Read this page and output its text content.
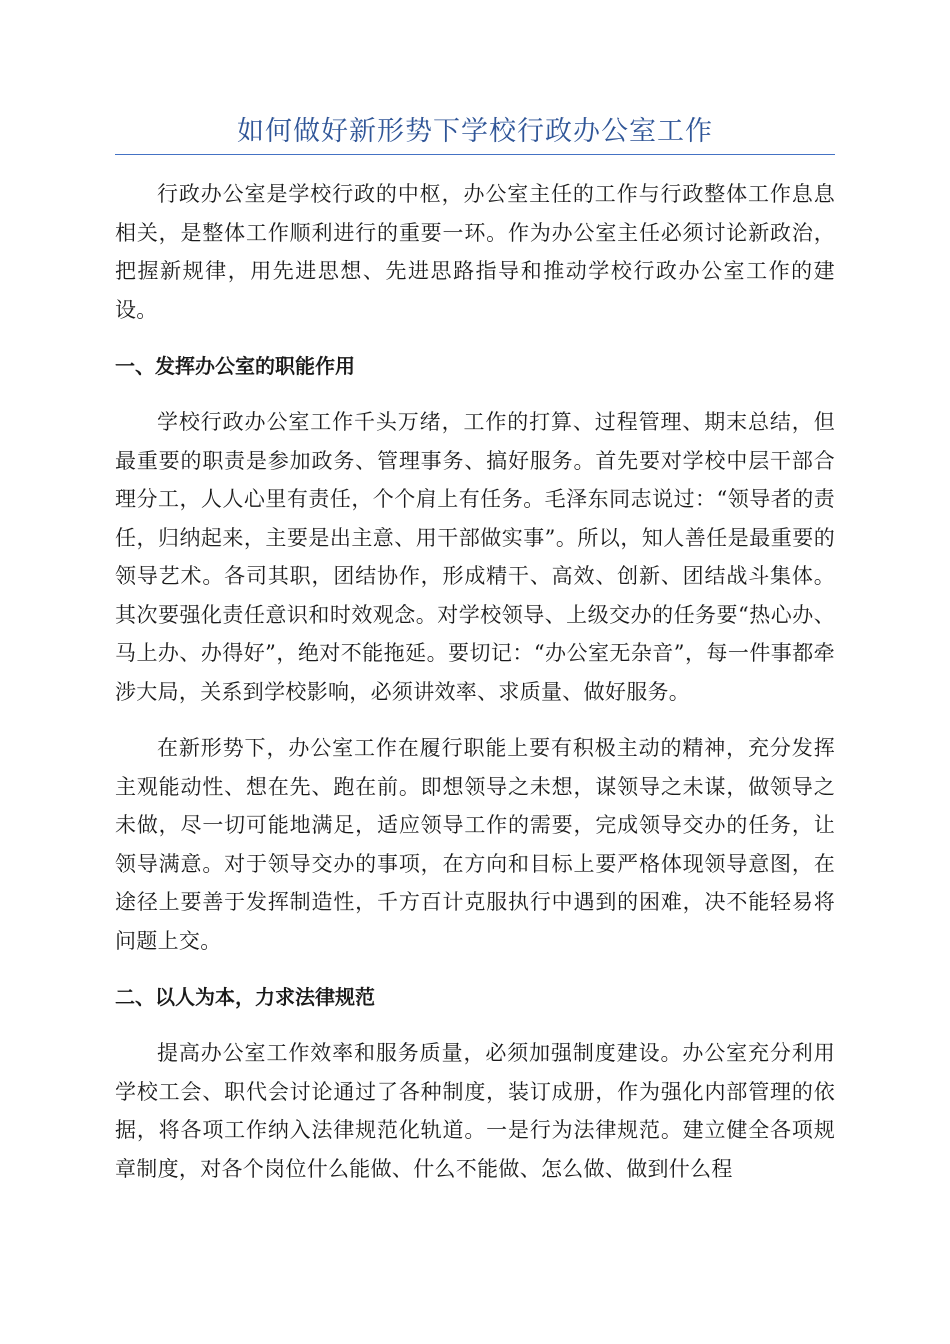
如何做好新形势下学校行政办公室工作

行政办公室是学校行政的中枢，办公室主任的工作与行政整体工作息息相关，是整体工作顺利进行的重要一环。作为办公室主任必须讨论新政治，把握新规律，用先进思想、先进思路指导和推动学校行政办公室工作的建设。

一、发挥办公室的职能作用

学校行政办公室工作千头万绪，工作的打算、过程管理、期末总结，但最重要的职责是参加政务、管理事务、搞好服务。首先要对学校中层干部合理分工，人人心里有责任，个个肩上有任务。毛泽东同志说过：“领导者的责任，归纳起来，主要是出主意、用干部做实事”。所以，知人善任是最重要的领导艺术。各司其职，团结协作，形成精干、高效、创新、团结战斗集体。其次要强化责任意识和时效观念。对学校领导、上级交办的任务要“热心办、马上办、办得好”，绝对不能拖延。要切记：“办公室无杂音”，每一件事都牵涉大局，关系到学校影响，必须讲效率、求质量、做好服务。

在新形势下，办公室工作在履行职能上要有积极主动的精神，充分发挥主观能动性、想在先、跑在前。即想领导之未想，谋领导之未谋，做领导之未做，尽一切可能地满足，适应领导工作的需要，完成领导交办的任务，让领导满意。对于领导交办的事项，在方向和目标上要严格体现领导意图，在途径上要善于发挥制造性，千方百计克服执行中遇到的困难，决不能轻易将问题上交。

二、以人为本，力求法律规范

提高办公室工作效率和服务质量，必须加强制度建设。办公室充分利用学校工会、职代会讨论通过了各种制度，装订成册，作为强化内部管理的依据，将各项工作纳入法律规范化轨道。一是行为法律规范。建立健全各项规章制度，对各个岗位什么能做、什么不能做、怎么做、做到什么程
